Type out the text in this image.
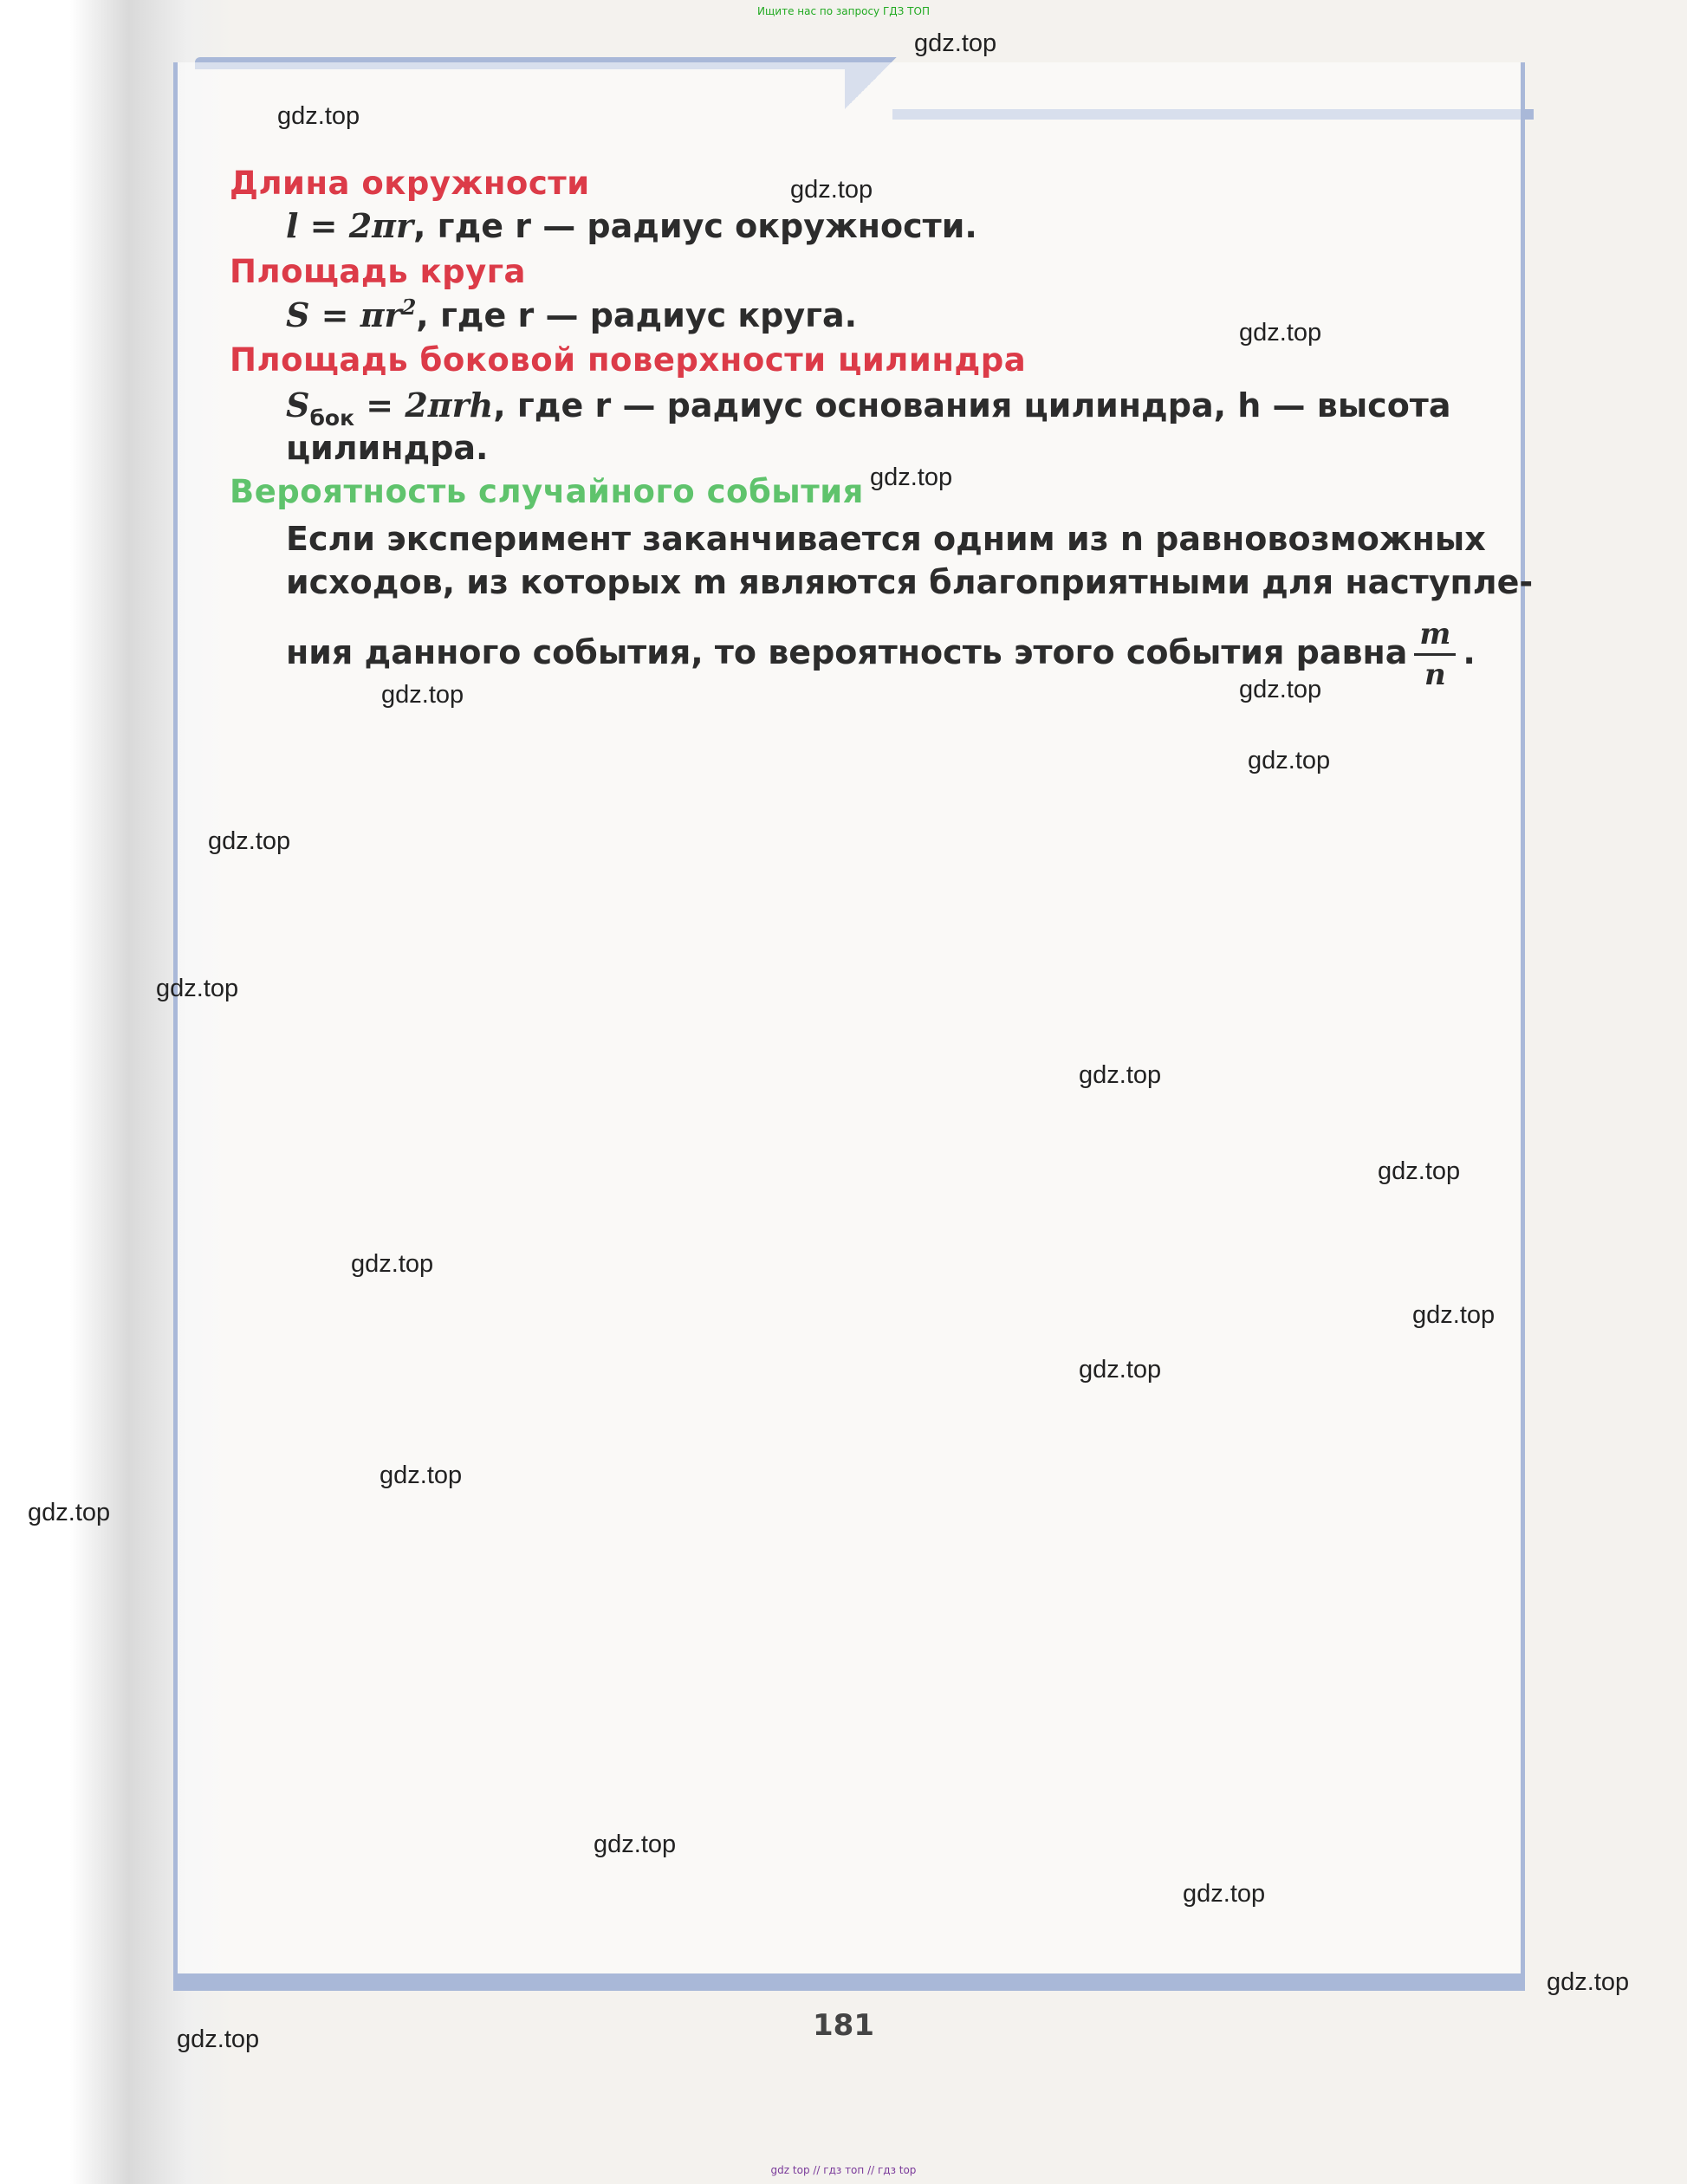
Ищите нас по запросу ГДЗ ТОП
Длина окружности
l = 2πr, где r — радиус окружности.
Площадь круга
$S = \pi r^2$, где r — радиус круга.
Площадь боковой поверхности цилиндра
$S_{бок} = 2\pi rh$, где r — радиус основания цилиндра, h — высота
цилиндра.
Вероятность случайного события
Если эксперимент заканчивается одним из n равновозможных
исходов, из которых m являются благоприятными для наступле-
ния данного события, то вероятность этого события равна $\frac{m}{n}$ .
181
gdz.top
gdz.top
gdz.top
gdz.top
gdz.top
gdz.top
gdz.top
gdz.top
gdz.top
gdz.top
gdz.top
gdz.top
gdz.top
gdz.top
gdz.top
gdz.top
gdz.top
gdz.top
gdz.top
gdz.top
gdz.top
gdz top // гдз топ // гдз top
